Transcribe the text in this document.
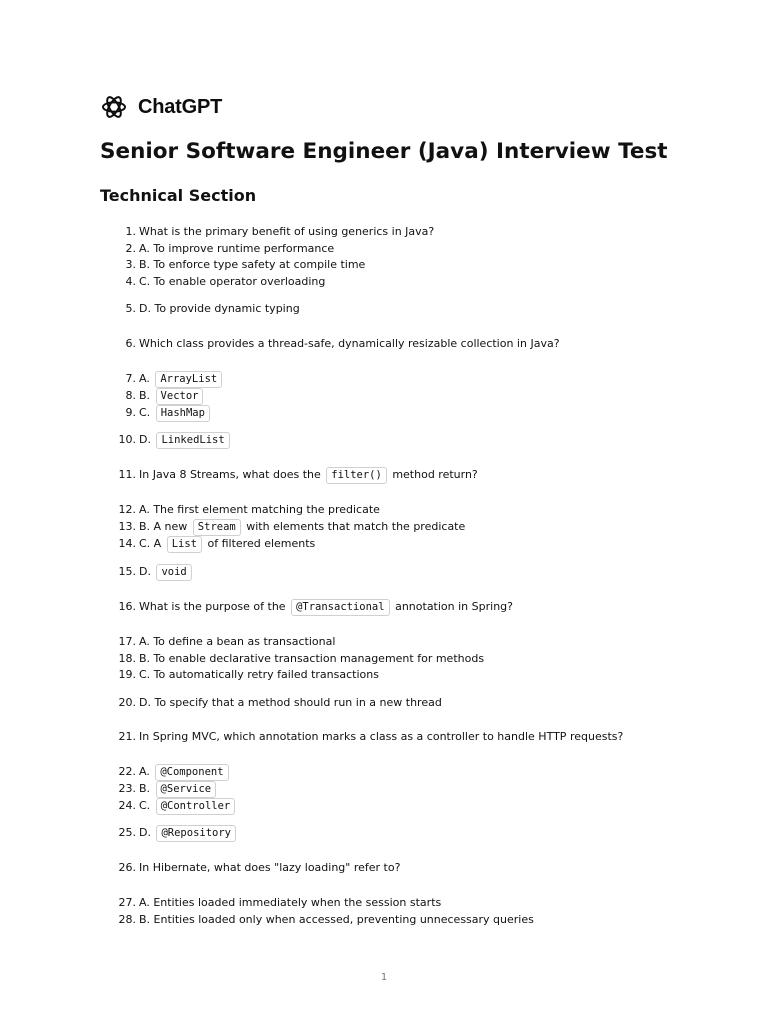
ChatGPT
Senior Software Engineer (Java) Interview Test
Technical Section
1. What is the primary benefit of using generics in Java?
2. A. To improve runtime performance
3. B. To enforce type safety at compile time
4. C. To enable operator overloading
5. D. To provide dynamic typing
6. Which class provides a thread-safe, dynamically resizable collection in Java?
7. A. ArrayList
8. B. Vector
9. C. HashMap
10. D. LinkedList
11. In Java 8 Streams, what does the filter() method return?
12. A. The first element matching the predicate
13. B. A new Stream with elements that match the predicate
14. C. A List of filtered elements
15. D. void
16. What is the purpose of the @Transactional annotation in Spring?
17. A. To define a bean as transactional
18. B. To enable declarative transaction management for methods
19. C. To automatically retry failed transactions
20. D. To specify that a method should run in a new thread
21. In Spring MVC, which annotation marks a class as a controller to handle HTTP requests?
22. A. @Component
23. B. @Service
24. C. @Controller
25. D. @Repository
26. In Hibernate, what does "lazy loading" refer to?
27. A. Entities loaded immediately when the session starts
28. B. Entities loaded only when accessed, preventing unnecessary queries
1
